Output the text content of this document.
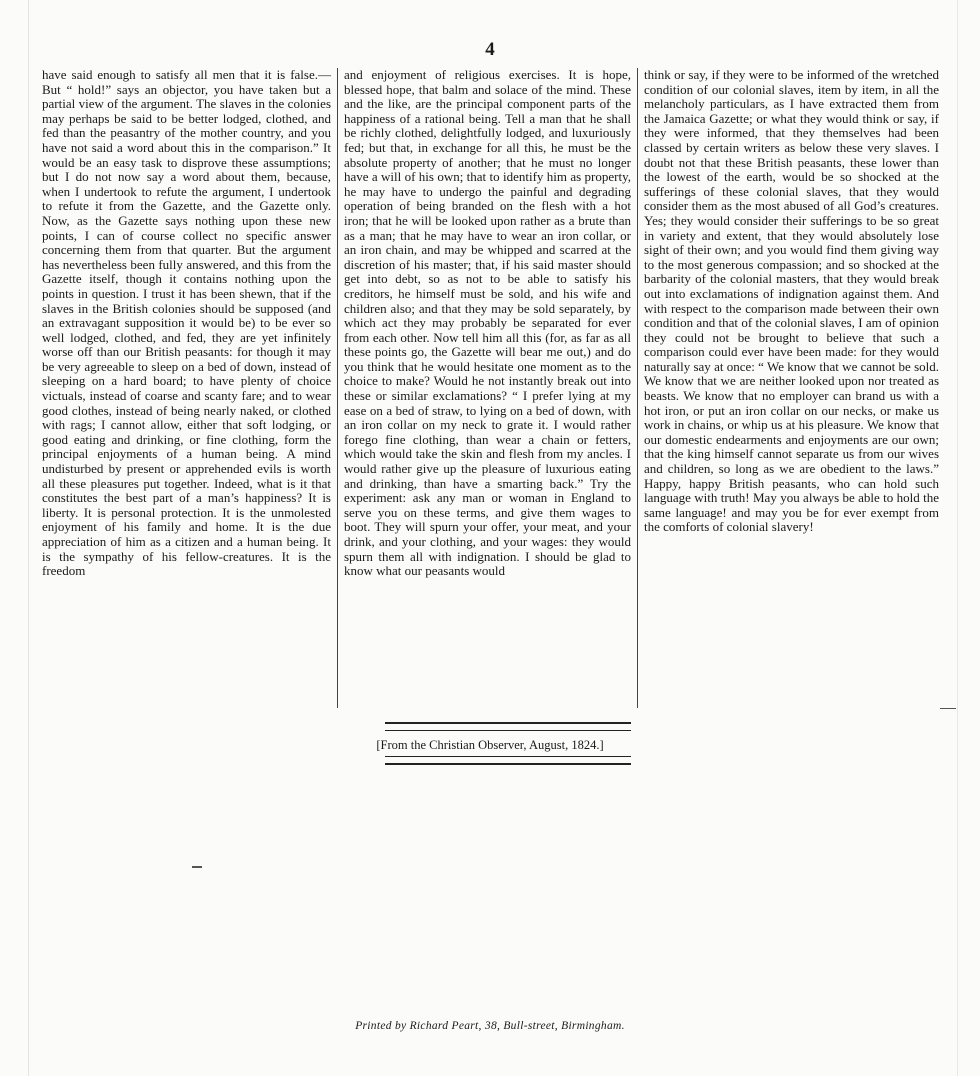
4

have said enough to satisfy all men that it is false.—But “ hold!” says an objector, you have taken but a partial view of the argument. The slaves in the colonies may perhaps be said to be better lodged, clothed, and fed than the peasantry of the mother country, and you have not said a word about this in the comparison.” It would be an easy task to disprove these assumptions; but I do not now say a word about them, because, when I undertook to refute the argument, I undertook to refute it from the Gazette, and the Gazette only. Now, as the Gazette says nothing upon these new points, I can of course collect no specific answer concerning them from that quarter. But the argument has nevertheless been fully answered, and this from the Gazette itself, though it contains nothing upon the points in question. I trust it has been shewn, that if the slaves in the British colonies should be supposed (and an extravagant supposition it would be) to be ever so well lodged, clothed, and fed, they are yet infinitely worse off than our British peasants: for though it may be very agreeable to sleep on a bed of down, instead of sleeping on a hard board; to have plenty of choice victuals, instead of coarse and scanty fare; and to wear good clothes, instead of being nearly naked, or clothed with rags; I cannot allow, either that soft lodging, or good eating and drinking, or fine clothing, form the principal enjoyments of a human being. A mind undisturbed by present or apprehended evils is worth all these pleasures put together. Indeed, what is it that constitutes the best part of a man’s happiness? It is liberty. It is personal protection. It is the unmolested enjoyment of his family and home. It is the due appreciation of him as a citizen and a human being. It is the sympathy of his fellow-creatures. It is the freedom

and enjoyment of religious exercises. It is hope, blessed hope, that balm and solace of the mind. These and the like, are the principal component parts of the happiness of a rational being. Tell a man that he shall be richly clothed, delightfully lodged, and luxuriously fed; but that, in exchange for all this, he must be the absolute property of another; that he must no longer have a will of his own; that to identify him as property, he may have to undergo the painful and degrading operation of being branded on the flesh with a hot iron; that he will be looked upon rather as a brute than as a man; that he may have to wear an iron collar, or an iron chain, and may be whipped and scarred at the discretion of his master; that, if his said master should get into debt, so as not to be able to satisfy his creditors, he himself must be sold, and his wife and children also; and that they may be sold separately, by which act they may probably be separated for ever from each other. Now tell him all this (for, as far as all these points go, the Gazette will bear me out,) and do you think that he would hesitate one moment as to the choice to make? Would he not instantly break out into these or similar exclamations? “ I prefer lying at my ease on a bed of straw, to lying on a bed of down, with an iron collar on my neck to grate it. I would rather forego fine clothing, than wear a chain or fetters, which would take the skin and flesh from my ancles. I would rather give up the pleasure of luxurious eating and drinking, than have a smarting back.” Try the experiment: ask any man or woman in England to serve you on these terms, and give them wages to boot. They will spurn your offer, your meat, and your drink, and your clothing, and your wages: they would spurn them all with indignation. I should be glad to know what our peasants would

think or say, if they were to be informed of the wretched condition of our colonial slaves, item by item, in all the melancholy particulars, as I have extracted them from the Jamaica Gazette; or what they would think or say, if they were informed, that they themselves had been classed by certain writers as below these very slaves. I doubt not that these British peasants, these lower than the lowest of the earth, would be so shocked at the sufferings of these colonial slaves, that they would consider them as the most abused of all God’s creatures. Yes; they would consider their sufferings to be so great in variety and extent, that they would absolutely lose sight of their own; and you would find them giving way to the most generous compassion; and so shocked at the barbarity of the colonial masters, that they would break out into exclamations of indignation against them. And with respect to the comparison made between their own condition and that of the colonial slaves, I am of opinion they could not be brought to believe that such a comparison could ever have been made: for they would naturally say at once: “ We know that we cannot be sold. We know that we are neither looked upon nor treated as beasts. We know that no employer can brand us with a hot iron, or put an iron collar on our necks, or make us work in chains, or whip us at his pleasure. We know that our domestic endearments and enjoyments are our own; that the king himself cannot separate us from our wives and children, so long as we are obedient to the laws.” Happy, happy British peasants, who can hold such language with truth! May you always be able to hold the same language! and may you be for ever exempt from the comforts of colonial slavery!

[From the Christian Observer, August, 1824.]
Printed by Richard Peart, 38, Bull-street, Birmingham.
